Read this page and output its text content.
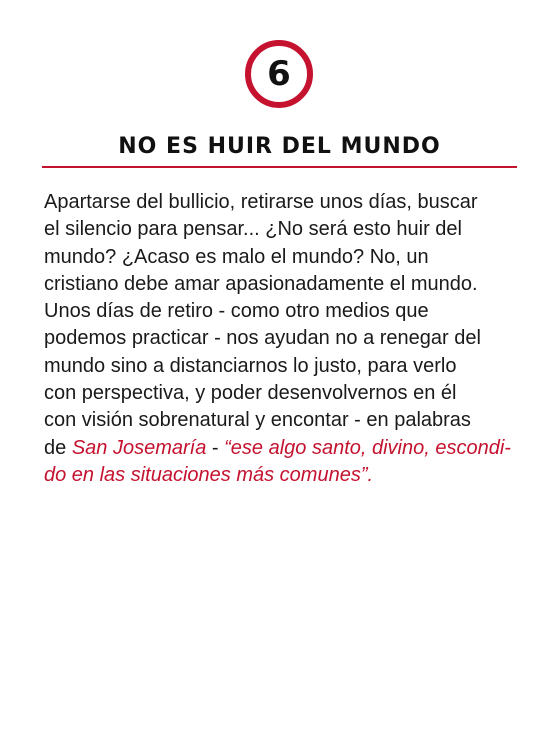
6
NO ES HUIR DEL MUNDO
Apartarse del bullicio, retirarse unos días, buscar
el silencio para pensar... ¿No será esto huir del
mundo? ¿Acaso es malo el mundo? No, un
cristiano debe amar apasionadamente el mundo.
Unos días de retiro - como otro medios que
podemos practicar - nos ayudan no a renegar del
mundo sino a distanciarnos lo justo, para verlo
con perspectiva, y poder desenvolvernos en él
con visión sobrenatural y encontar - en palabras
de San Josemaría - “ese algo santo, divino, escondi-
do en las situaciones más comunes”.
